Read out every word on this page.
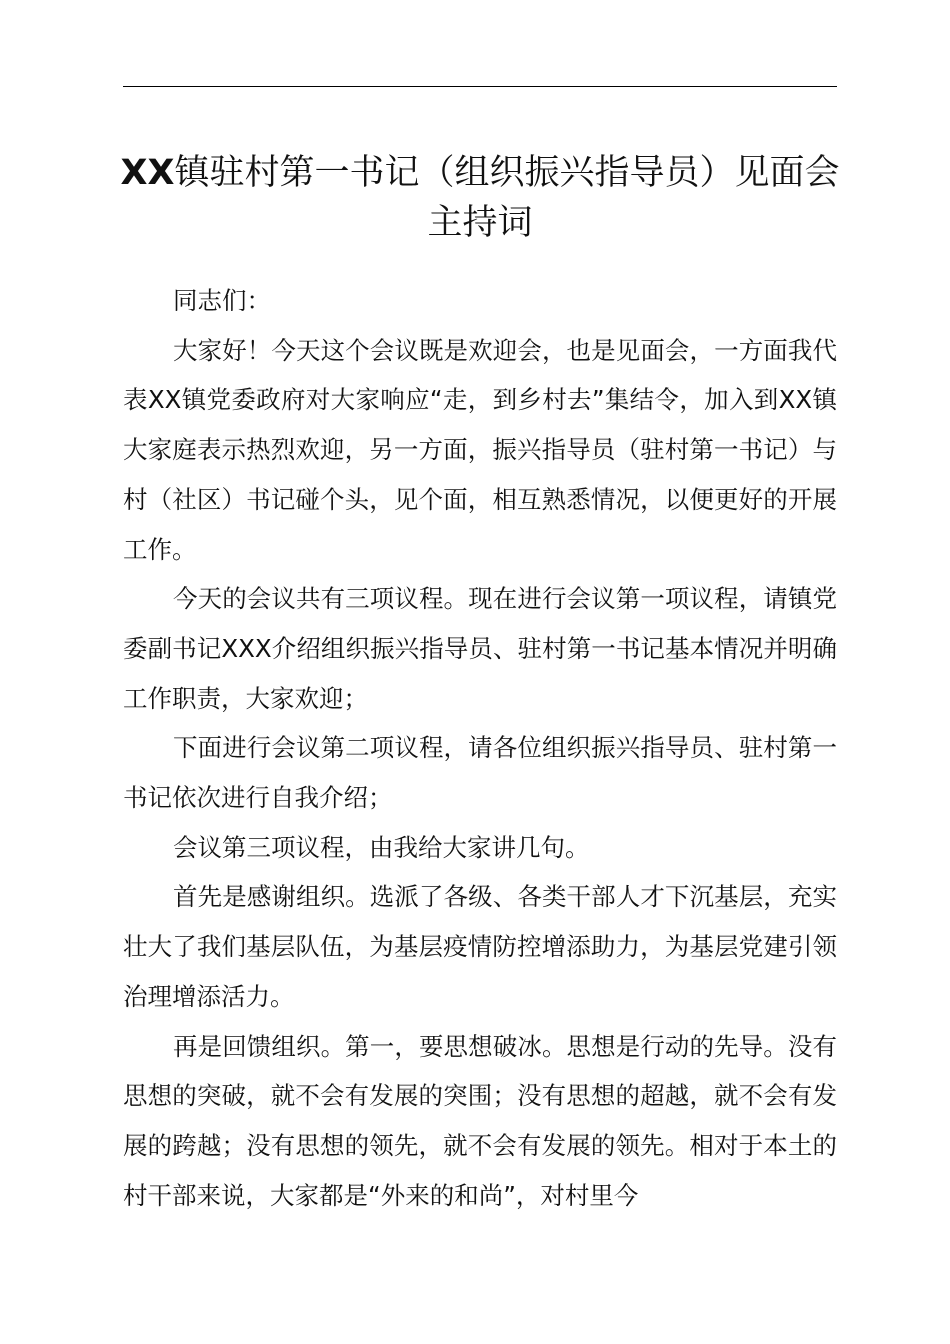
XX镇驻村第一书记（组织振兴指导员）见面会主持词

同志们：

大家好！今天这个会议既是欢迎会，也是见面会，一方面我代表XX镇党委政府对大家响应“走，到乡村去”集结令，加入到XX镇大家庭表示热烈欢迎，另一方面，振兴指导员（驻村第一书记）与村（社区）书记碰个头，见个面，相互熟悉情况，以便更好的开展工作。

今天的会议共有三项议程。现在进行会议第一项议程，请镇党委副书记XXX介绍组织振兴指导员、驻村第一书记基本情况并明确工作职责，大家欢迎；

下面进行会议第二项议程，请各位组织振兴指导员、驻村第一书记依次进行自我介绍；

会议第三项议程，由我给大家讲几句。

首先是感谢组织。选派了各级、各类干部人才下沉基层，充实壮大了我们基层队伍，为基层疫情防控增添助力，为基层党建引领治理增添活力。

再是回馈组织。第一，要思想破冰。思想是行动的先导。没有思想的突破，就不会有发展的突围；没有思想的超越，就不会有发展的跨越；没有思想的领先，就不会有发展的领先。相对于本土的村干部来说，大家都是“外来的和尚”，对村里今
